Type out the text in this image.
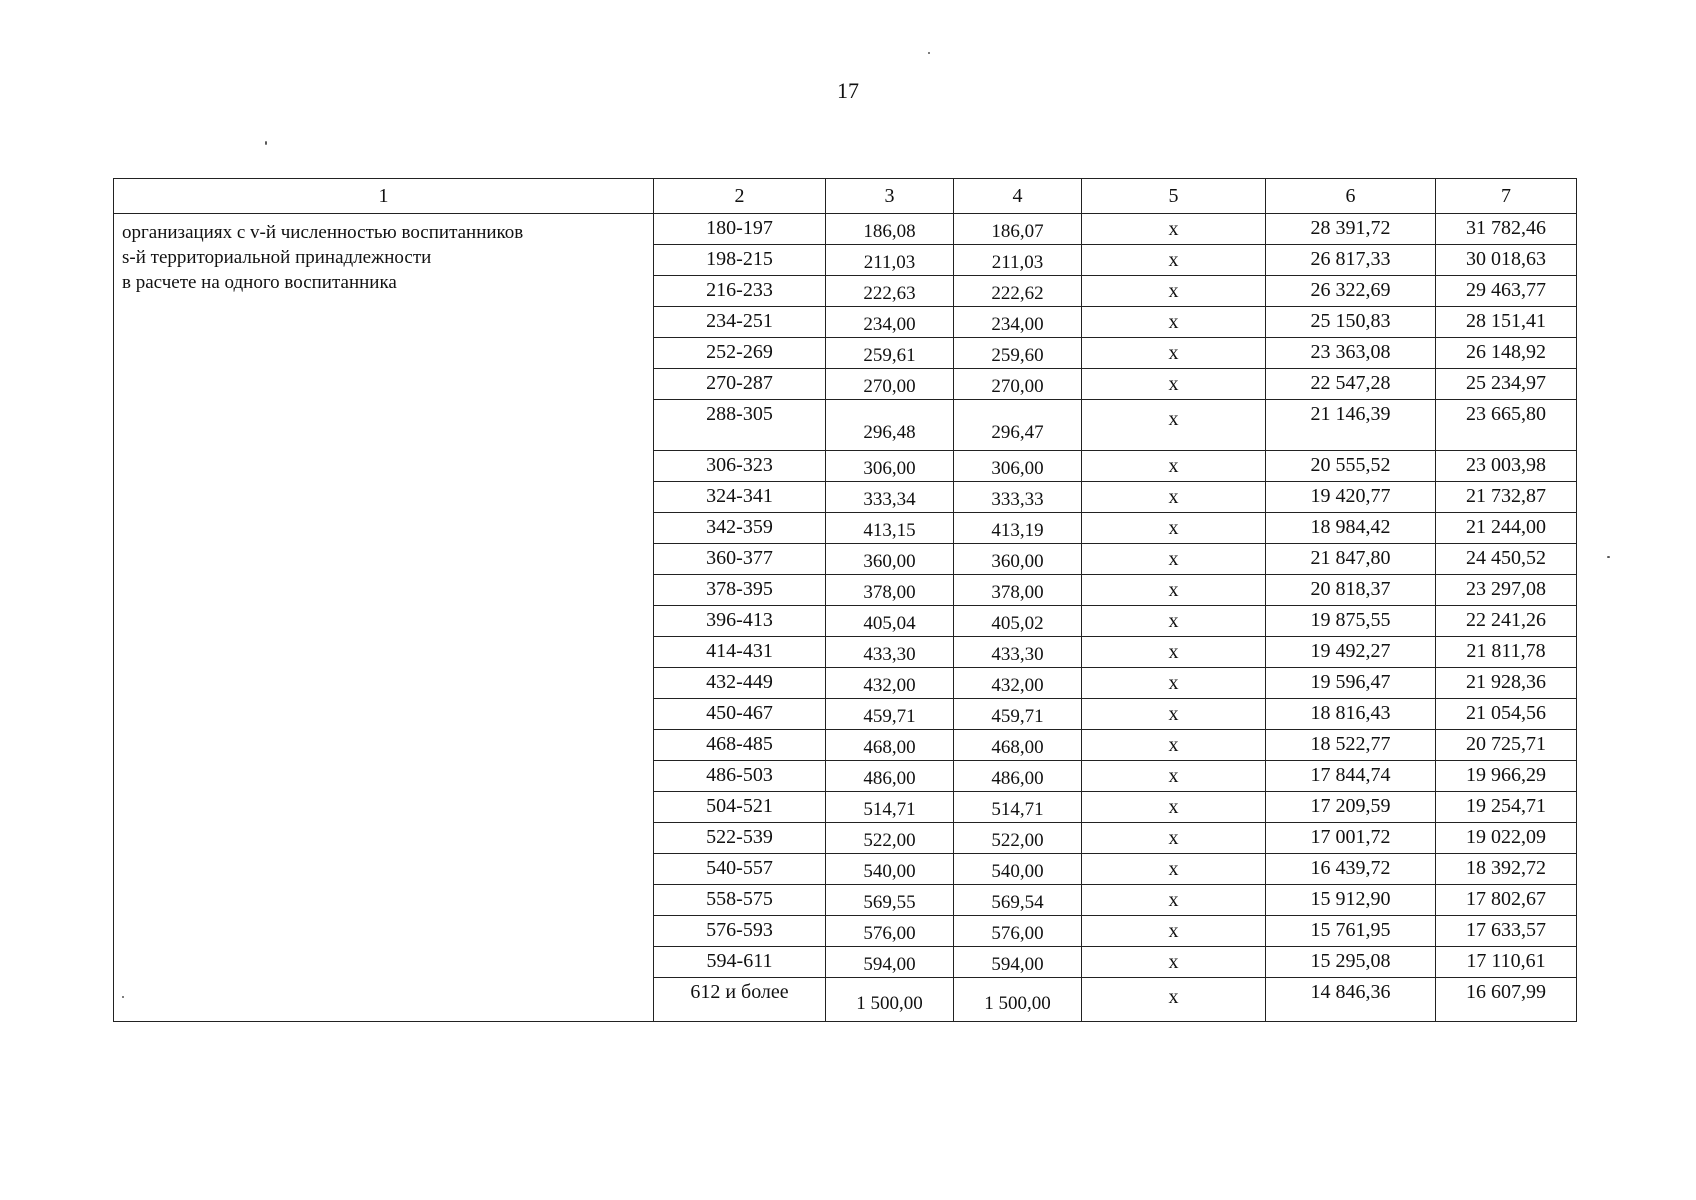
17
1	2	3	4	5	6	7

организациях с v-й численностью воспитанников
s-й территориальной принадлежности
в расчете на одного воспитанника	180-197	186,08	186,07	x	28 391,72	31 782,46
	198-215	211,03	211,03	x	26 817,33	30 018,63
	216-233	222,63	222,62	x	26 322,69	29 463,77
	234-251	234,00	234,00	x	25 150,83	28 151,41
	252-269	259,61	259,60	x	23 363,08	26 148,92
	270-287	270,00	270,00	x	22 547,28	25 234,97
	288-305	296,48	296,47	x	21 146,39	23 665,80
	306-323	306,00	306,00	x	20 555,52	23 003,98
	324-341	333,34	333,33	x	19 420,77	21 732,87
	342-359	413,15	413,19	x	18 984,42	21 244,00
	360-377	360,00	360,00	x	21 847,80	24 450,52
	378-395	378,00	378,00	x	20 818,37	23 297,08
	396-413	405,04	405,02	x	19 875,55	22 241,26
	414-431	433,30	433,30	x	19 492,27	21 811,78
	432-449	432,00	432,00	x	19 596,47	21 928,36
	450-467	459,71	459,71	x	18 816,43	21 054,56
	468-485	468,00	468,00	x	18 522,77	20 725,71
	486-503	486,00	486,00	x	17 844,74	19 966,29
	504-521	514,71	514,71	x	17 209,59	19 254,71
	522-539	522,00	522,00	x	17 001,72	19 022,09
	540-557	540,00	540,00	x	16 439,72	18 392,72
	558-575	569,55	569,54	x	15 912,90	17 802,67
	576-593	576,00	576,00	x	15 761,95	17 633,57
	594-611	594,00	594,00	x	15 295,08	17 110,61
	612 и более	1 500,00	1 500,00	x	14 846,36	16 607,99
